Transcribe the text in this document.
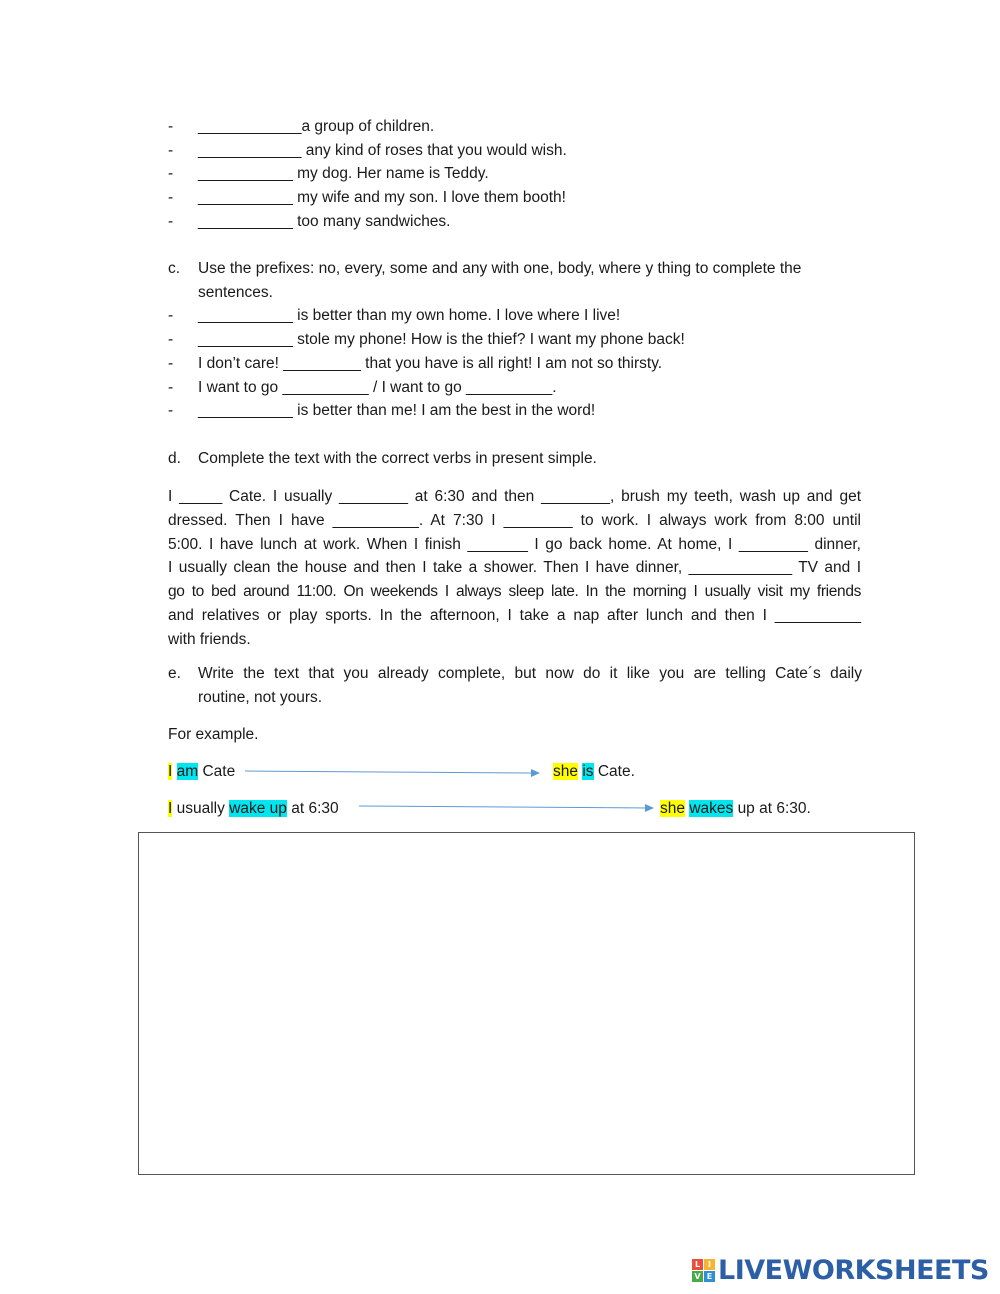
- ____________a group of children.
- ____________ any kind of roses that you would wish.
- ___________ my dog. Her name is Teddy.
- ___________ my wife and my son. I love them booth!
- ___________ too many sandwiches.
c. Use the prefixes: no, every, some and any with one, body, where y thing to complete the
sentences.
- ___________ is better than my own home. I love where I live!
- ___________ stole my phone! How is the thief? I want my phone back!
- I don’t care! _________ that you have is all right! I am not so thirsty.
- I want to go __________ / I want to go __________.
- ___________ is better than me! I am the best in the word!
d. Complete the text with the correct verbs in present simple.
I _____ Cate. I usually ________ at 6:30 and then ________, brush my teeth, wash up and get
dressed. Then I have __________. At 7:30 I ________ to work. I always work from 8:00 until
5:00. I have lunch at work. When I finish _______ I go back home. At home, I ________ dinner,
I usually clean the house and then I take a shower. Then I have dinner, ____________ TV and I
go to bed around 11:00. On weekends I always sleep late. In the morning I usually visit my friends
and relatives or play sports. In the afternoon, I take a nap after lunch and then I __________
with friends.
e. Write the text that you already complete, but now do it like you are telling Cate´s daily
routine, not yours.
For example.
I am Cate	she is Cate.
I usually wake up at 6:30	she wakes up at 6:30.
L I
V E LIVEWORKSHEETS
